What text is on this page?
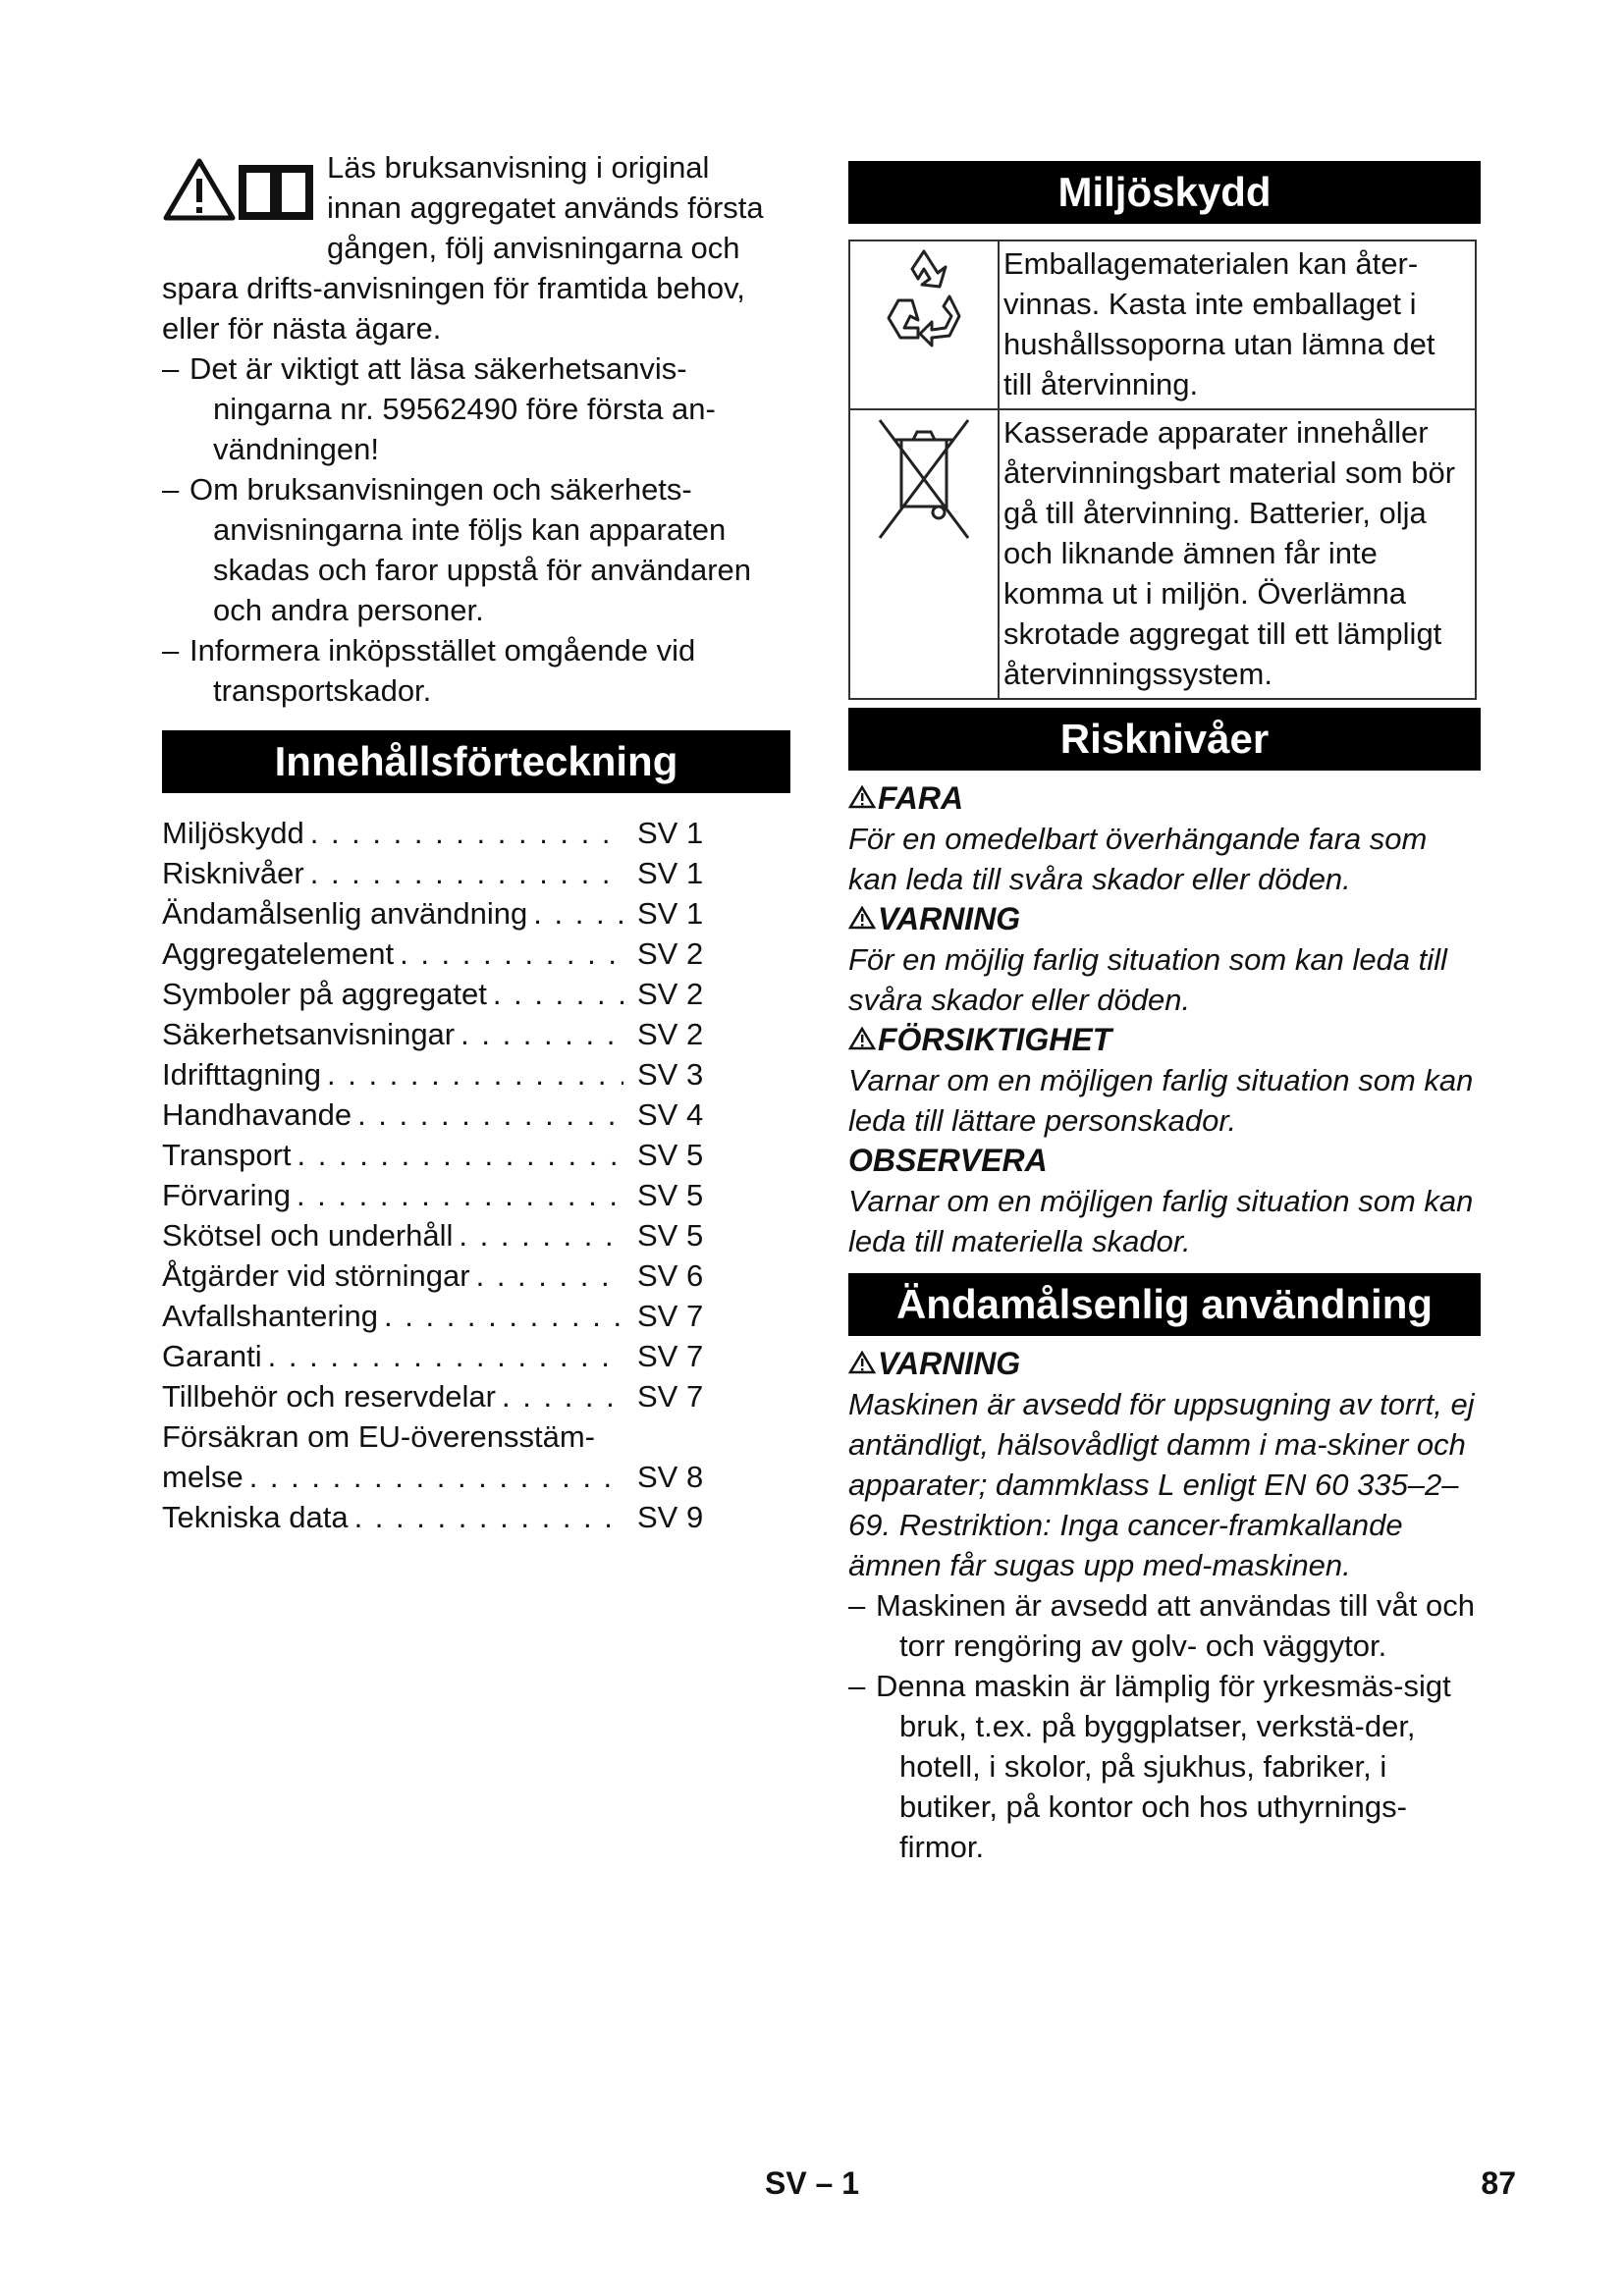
Läs bruksanvisning i original innan aggregatet används första gången, följ anvisningarna och spara drifts-anvisningen för framtida behov, eller för nästa ägare.

– Det är viktigt att läsa säkerhetsanvis-ningarna nr. 59562490 före första an-vändningen!
– Om bruksanvisningen och säkerhets-anvisningarna inte följs kan apparaten skadas och faror uppstå för användaren och andra personer.
– Informera inköpsstället omgående vid transportskador.
Innehållsförteckning
Miljöskydd . . .	SV 1
Risknivåer . . .	SV 1
Ändamålsenlig användning . . .	SV 1
Aggregatelement . . .	SV 2
Symboler på aggregatet . . .	SV 2
Säkerhetsanvisningar . . .	SV 2
Idrifttagning . . .	SV 3
Handhavande . . .	SV 4
Transport . . .	SV 5
Förvaring . . .	SV 5
Skötsel och underhåll . . .	SV 5
Åtgärder vid störningar . . .	SV 6
Avfallshantering . . .	SV 7
Garanti . . .	SV 7
Tillbehör och reservdelar . . .	SV 7
Försäkran om EU-överensstäm-
melse . . .	SV 8
Tekniska data . . .	SV 9
Miljöskydd
	Emballagematerialen kan åter-vinnas. Kasta inte emballaget i hushållssoporna utan lämna det till återvinning.
	Kasserade apparater innehåller återvinningsbart material som bör gå till återvinning. Batterier, olja och liknande ämnen får inte komma ut i miljön. Överlämna skrotade aggregat till ett lämpligt återvinningssystem.
Risknivåer
FARA
För en omedelbart överhängande fara som kan leda till svåra skador eller döden.
VARNING
För en möjlig farlig situation som kan leda till svåra skador eller döden.
FÖRSIKTIGHET
Varnar om en möjligen farlig situation som kan leda till lättare personskador.
OBSERVERA
Varnar om en möjligen farlig situation som kan leda till materiella skador.
Ändamålsenlig användning
VARNING
Maskinen är avsedd för uppsugning av torrt, ej antändligt, hälsovådligt damm i ma-skiner och apparater; dammklass L enligt EN 60 335–2–69. Restriktion: Inga cancer-framkallande ämnen får sugas upp med-maskinen.
– Maskinen är avsedd att användas till våt och torr rengöring av golv- och väggytor.
– Denna maskin är lämplig för yrkesmäs-sigt bruk, t.ex. på byggplatser, verkstä-der, hotell, i skolor, på sjukhus, fabriker, i butiker, på kontor och hos uthyrnings-firmor.
SV – 1	87
